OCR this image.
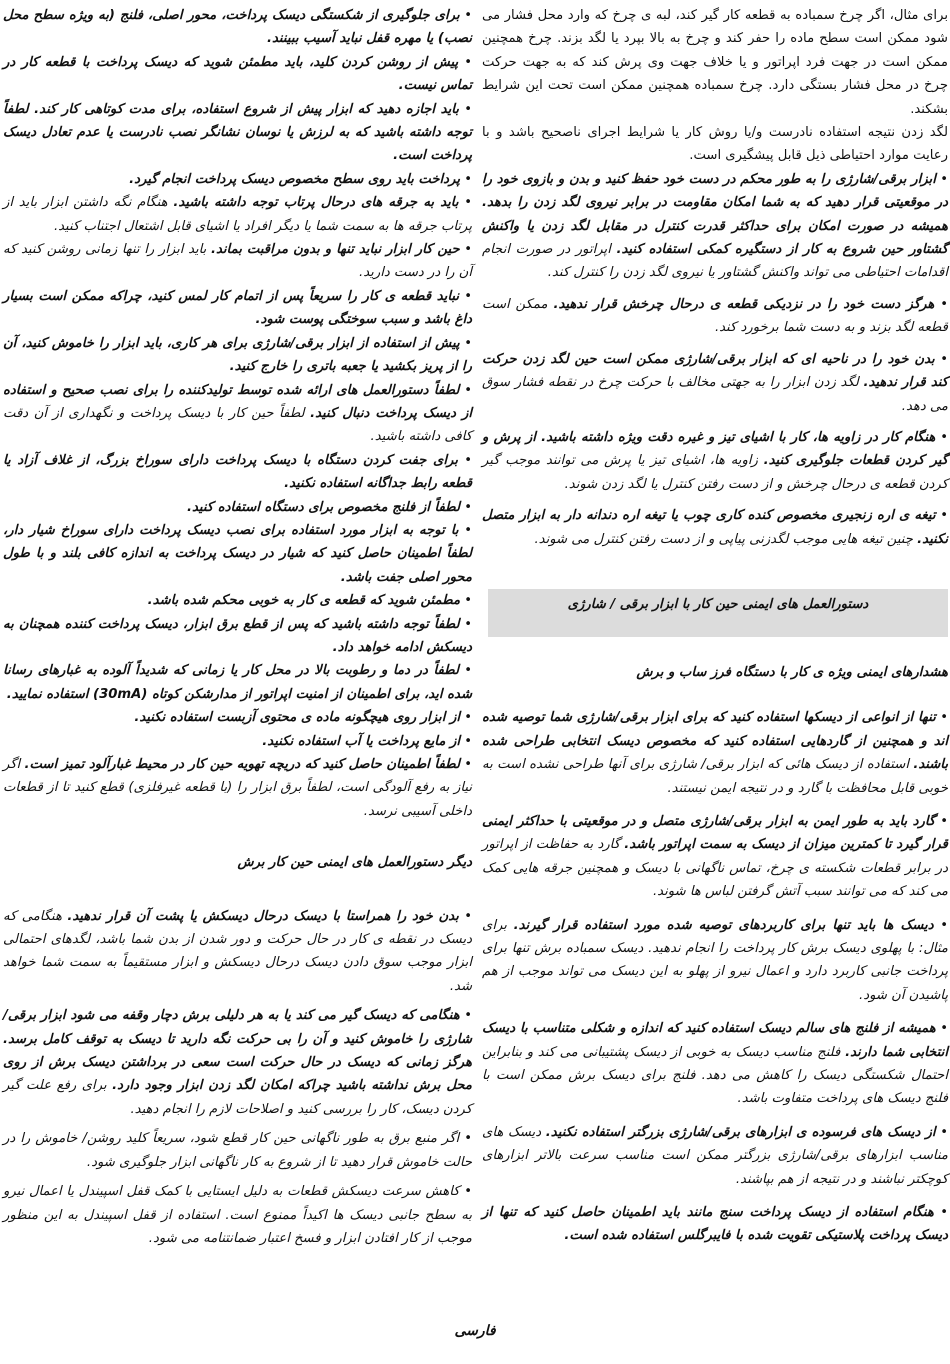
برای مثال، اگر چرخ سمباده به قطعه کار گیر کند، لبه ی چرخ که وارد محل فشار می شود ممکن است سطح ماده را حفر کند و چرخ به بالا بپرد یا لگد بزند. چرخ همچنین ممکن است در جهت فرد اپراتور و یا خلاف جهت وی پرش کند که به جهت حرکت چرخ در محل فشار بستگی دارد. چرخ سمباده همچنین ممکن است تحت این شرایط بشکند.

لگد زدن نتیجه استفاده نادرست و/یا روش کار یا شرایط اجرای ناصحیح باشد و با رعایت موارد احتیاطی ذیل قابل پیشگیری است.

• ابزار برقی/شارژی را به طور محکم در دست خود حفظ کنید و بدن و بازوی خود را در موقعیتی قرار دهید که به شما امکان مقاومت در برابر نیروی لگد زدن را بدهد. همیشه در صورت امکان برای حداکثر قدرت کنترل در مقابل لگد زدن یا واکنش گشتاور حین شروع به کار از دستگیره کمکی استفاده کنید. اپراتور در صورت انجام اقدامات احتیاطی می تواند واکنش گشتاور یا نیروی لگد زدن را کنترل کند.

• هرگز دست خود را در نزدیکی قطعه ی درحال چرخش قرار ندهید. ممکن است قطعه لگد بزند و به دست شما برخورد کند.

• بدن خود را در ناحیه ای که ابزار برقی/شارژی ممکن است حین لگد زدن حرکت کند قرار ندهید. لگد زدن ابزار را به جهتی مخالف با حرکت چرخ در نقطه فشار سوق می دهد.

• هنگام کار در زاویه ها، کار با اشیای تیز و غیره دقت ویژه داشته باشید. از پرش و گیر کردن قطعات جلوگیری کنید. زاویه ها، اشیای تیز یا پرش می توانند موجب گیر کردن قطعه ی درحال چرخش و از دست رفتن کنترل یا لگد زدن شوند.

• تیغه ی اره زنجیری مخصوص کنده کاری چوب یا تیغه اره دندانه دار به ابزار متصل نکنید. چنین تیغه هایی موجب لگدزنی پیاپی و از دست رفتن کنترل می شوند.

دستورالعمل های ایمنی حین کار با ابزار برقی / شارژی

هشدارهای ایمنی ویژه ی کار با دستگاه فرز ساب و برش

• تنها از انواعی از دیسکها استفاده کنید که برای ابزار برقی/شارژی شما توصیه شده اند و همچنین از گاردهایی استفاده کنید که مخصوص دیسک انتخابی طراحی شده باشند. استفاده از دیسک هائی که ابزار برقی/ شارژی برای آنها طراحی نشده است به خوبی قابل محافظت با گارد و در نتیجه ایمن نیستند.

• گارد باید به طور ایمن به ابزار برقی/شارژی متصل و در موقعیتی با حداکثر ایمنی قرار گیرد تا کمترین میزان از دیسک به سمت اپراتور باشد. گارد به حفاظت از اپراتور در برابر قطعات شکسته ی چرخ، تماس ناگهانی با دیسک و همچنین جرقه هایی کمک می کند که می توانند سبب آتش گرفتن لباس ها شوند.

• دیسک ها باید تنها برای کاربردهای توصیه شده مورد استفاده قرار گیرند. برای مثال: با پهلوی دیسک برش کار پرداخت را انجام ندهید. دیسک سمباده برش تنها برای پرداخت جانبی کاربرد دارد و اعمال نیرو از پهلو به این دیسک می تواند موجب از هم پاشیدن آن شود.

• همیشه از فلنج های سالم دیسک استفاده کنید که اندازه و شکلی متناسب با دیسک انتخابی شما دارند. فلنج مناسب دیسک به خوبی از دیسک پشتیبانی می کند و بنابراین احتمال شکستگی دیسک را کاهش می دهد. فلنج برای دیسک برش ممکن است با فلنج دیسک های پرداخت متفاوت باشد.

• از دیسک های فرسوده ی ابزارهای برقی/شارژی بزرگتر استفاده نکنید. دیسک های مناسب ابزارهای برقی/شارژی بزرگتر ممکن است مناسب سرعت بالاتر ابزارهای کوچکتر نباشند و در نتیجه از هم بپاشند.

• هنگام استفاده از دیسک پرداخت سنج مانند باید اطمینان حاصل کنید که تنها از دیسک پرداخت پلاستیکی تقویت شده با فایبرگلس استفاده شده است.

• برای جلوگیری از شکستگی دیسک پرداخت، محور اصلی، فلنج (به ویژه سطح محل نصب) یا مهره قفل نباید آسیب ببینند.

• پیش از روشن کردن کلید، باید مطمئن شوید که دیسک پرداخت با قطعه کار در تماس نیست.

• باید اجازه دهید که ابزار پیش از شروع استفاده، برای مدت کوتاهی کار کند. لطفاً توجه داشته باشید که به لرزش یا نوسان نشانگر نصب نادرست یا عدم تعادل دیسک پرداخت است.

• پرداخت باید روی سطح مخصوص دیسک پرداخت انجام گیرد.

• باید به جرقه های درحال پرتاب توجه داشته باشید. هنگام نگه داشتن ابزار باید از پرتاب جرقه ها به سمت شما یا دیگر افراد یا اشیای قابل اشتعال اجتناب کنید.

• حین کار ابزار نباید تنها و بدون مراقبت بماند. باید ابزار را تنها زمانی روشن کنید که آن را در دست دارید.

• نباید قطعه ی کار را سریعاً پس از اتمام کار لمس کنید، چراکه ممکن است بسیار داغ باشد و سبب سوختگی پوست شود.

• پیش از استفاده از ابزار برقی/شارژی برای هر کاری، باید ابزار را خاموش کنید، آن را از پریز بکشید یا جعبه باتری را خارج کنید.

• لطفاً دستورالعمل های ارائه شده توسط تولیدکننده را برای نصب صحیح و استفاده از دیسک پرداخت دنبال کنید. لطفاً حین کار با دیسک پرداخت و نگهداری از آن دقت کافی داشته باشید.

• برای جفت کردن دستگاه با دیسک پرداخت دارای سوراخ بزرگ، از غلاف آزاد یا قطعه رابط جداگانه استفاده نکنید.

• لطفاً از فلنج مخصوص برای دستگاه استفاده کنید.

• با توجه به ابزار مورد استفاده برای نصب دیسک پرداخت دارای سوراخ شیار دار، لطفاً اطمینان حاصل کنید که شیار در دیسک پرداخت به اندازه کافی بلند و با طول محور اصلی جفت باشد.

• مطمئن شوید که قطعه ی کار به خوبی محکم شده باشد.

• لطفاً توجه داشته باشید که پس از قطع برق ابزار، دیسک پرداخت کننده همچنان به دیسکش ادامه خواهد داد.

• لطفاً در دما و رطوبت بالا در محل کار یا زمانی که شدیداً آلوده به غبارهای رسانا شده اید، برای اطمینان از امنیت اپراتور از مدارشکن کوتاه (30mA) استفاده نمایید.

• از ابزار روی هیچگونه ماده ی محتوی آزبست استفاده نکنید.

• از مایع پرداخت یا آب استفاده نکنید.

• لطفاً اطمینان حاصل کنید که دریچه تهویه حین کار در محیط غبارآلود تمیز است. اگر نیاز به رفع آلودگی است، لطفاً برق ابزار را (با قطعه غیرفلزی) قطع کنید تا از قطعات داخلی آسیبی نرسد.

دیگر دستورالعمل های ایمنی حین کار برش

• بدن خود را همراستا با دیسک درحال دیسکش یا پشت آن قرار ندهید. هنگامی که دیسک در نقطه ی کار در حال حرکت و دور شدن از بدن شما باشد، لگدهای احتمالی ابزار موجب سوق دادن دیسک درحال دیسکش و ابزار مستقیماً به سمت شما خواهد شد.

• هنگامی که دیسک گیر می کند یا به هر دلیلی برش دچار وقفه می شود ابزار برقی/شارژی را خاموش کنید و آن را بی حرکت نگه دارید تا دیسک به توقف کامل برسد. هرگز زمانی که دیسک در حال حرکت است سعی در برداشتن دیسک برش از روی محل برش نداشته باشید چراکه امکان لگد زدن ابزار وجود دارد. برای رفع علت گیر کردن دیسک، کار را بررسی کنید و اصلاحات لازم را انجام دهید.

• اگر منبع برق به طور ناگهانی حین کار قطع شود، سریعاً کلید روشن/ خاموش را در حالت خاموش قرار دهید تا از شروع به کار ناگهانی ابزار جلوگیری شود.

• کاهش سرعت دیسکش قطعات به دلیل ایستایی با کمک قفل اسپیندل یا اعمال نیرو به سطح جانبی دیسک ها اکیداً ممنوع است. استفاده از قفل اسپیندل به این منظور موجب از کار افتادن ابزار و فسخ اعتبار ضمانتنامه می شود.

فارسی
